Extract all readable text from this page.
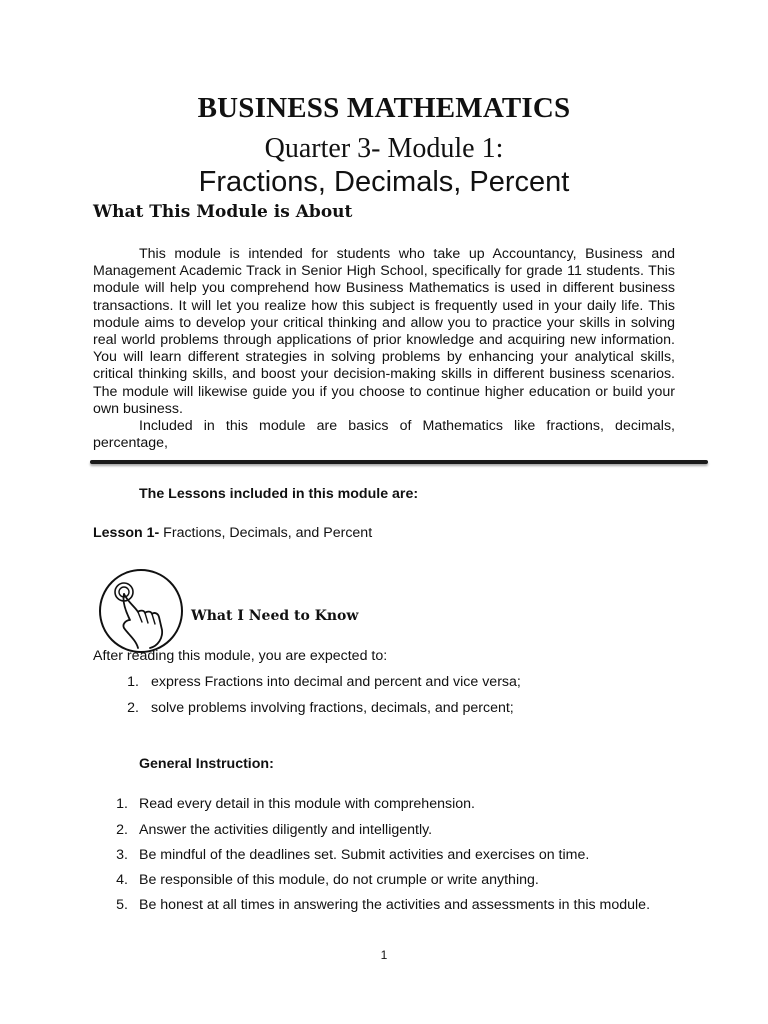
BUSINESS MATHEMATICS
Quarter 3- Module 1:
Fractions, Decimals, Percent
What This Module is About

This module is intended for students who take up Accountancy, Business and Management Academic Track in Senior High School, specifically for grade 11 students. This module will help you comprehend how Business Mathematics is used in different business transactions. It will let you realize how this subject is frequently used in your daily life. This module aims to develop your critical thinking and allow you to practice your skills in solving real world problems through applications of prior knowledge and acquiring new information. You will learn different strategies in solving problems by enhancing your analytical skills, critical thinking skills, and boost your decision-making skills in different business scenarios. The module will likewise guide you if you choose to continue higher education or build your own business.

Included in this module are basics of Mathematics like fractions, decimals, percentage,

The Lessons included in this module are:
Lesson 1- Fractions, Decimals, and Percent
What I Need to Know
After reading this module, you are expected to:
1. express Fractions into decimal and percent and vice versa;
2. solve problems involving fractions, decimals, and percent;
General Instruction:
1. Read every detail in this module with comprehension.
2. Answer the activities diligently and intelligently.
3. Be mindful of the deadlines set. Submit activities and exercises on time.
4. Be responsible of this module, do not crumple or write anything.
5. Be honest at all times in answering the activities and assessments in this module.
1
